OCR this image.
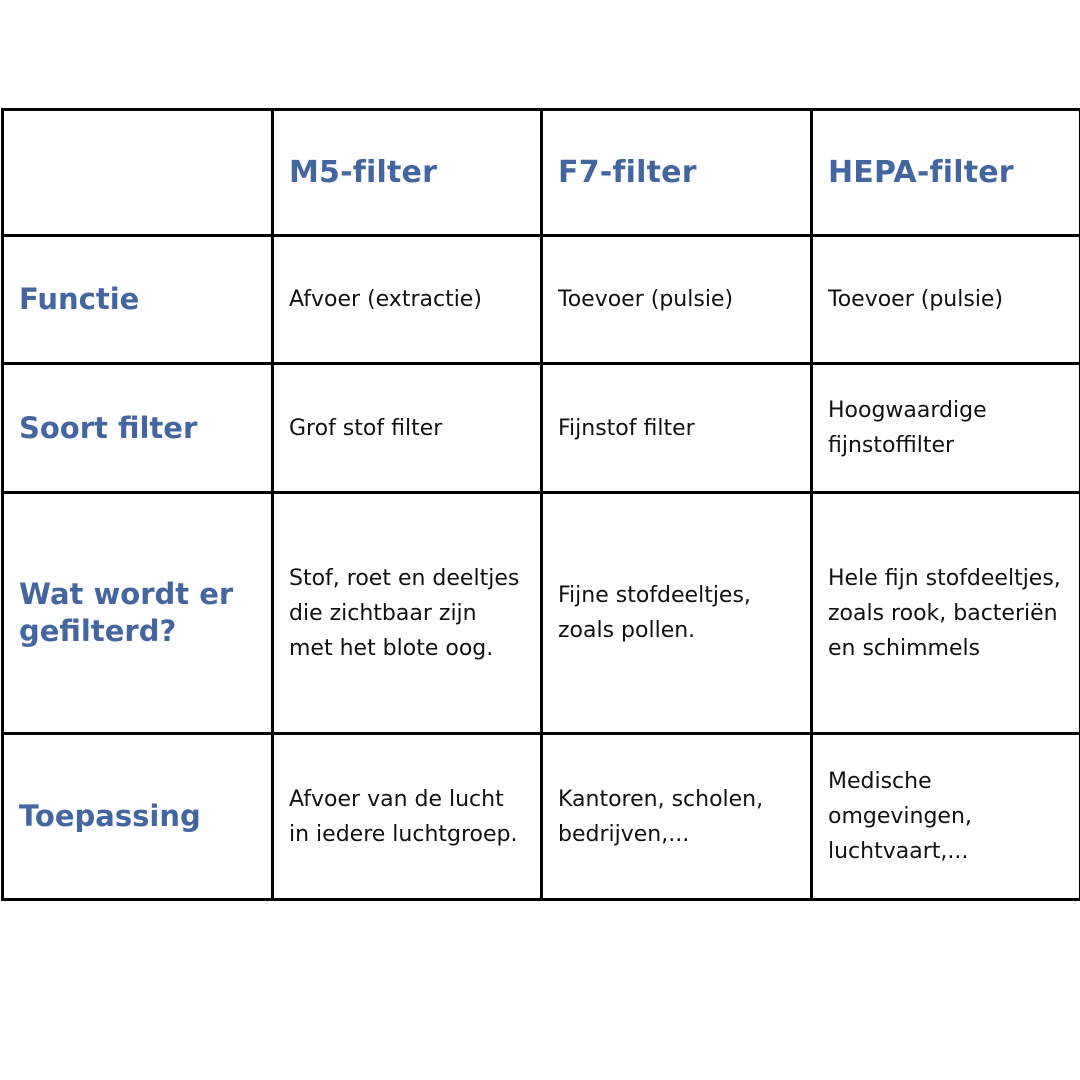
	M5-filter	F7-filter	HEPA-filter

Functie	Afvoer (extractie)	Toevoer (pulsie)	Toevoer (pulsie)

Soort filter	Grof stof filter	Fijnstof filter	Hoogwaardige fijnstoffilter

Wat wordt er gefilterd?	Stof, roet en deeltjes die zichtbaar zijn met het blote oog.	Fijne stofdeeltjes, zoals pollen.	Hele fijn stofdeeltjes, zoals rook, bacteriën en schimmels

Toepassing	Afvoer van de lucht in iedere luchtgroep.	Kantoren, scholen, bedrijven,...	Medische omgevingen, luchtvaart,...
